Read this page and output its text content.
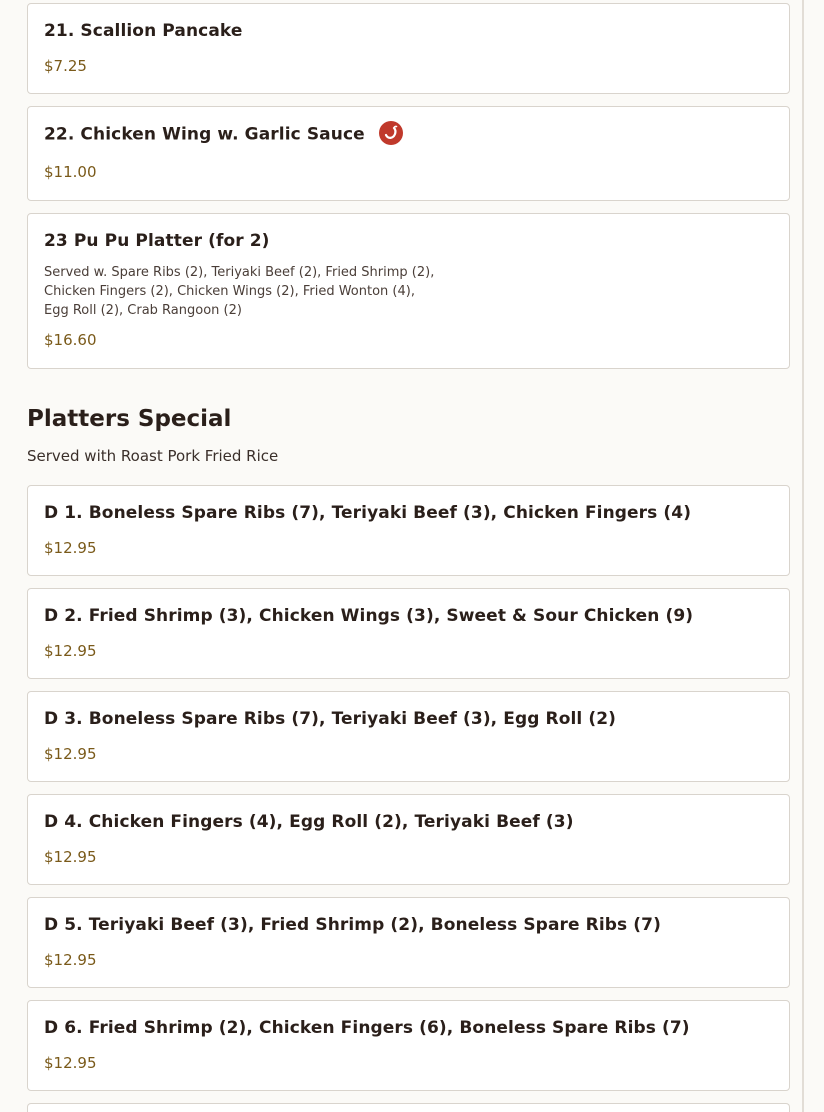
21. Scallion Pancake
$7.25
22. Chicken Wing w. Garlic Sauce
$11.00
23 Pu Pu Platter (for 2)
Served w. Spare Ribs (2), Teriyaki Beef (2), Fried Shrimp (2),
Chicken Fingers (2), Chicken Wings (2), Fried Wonton (4),
Egg Roll (2), Crab Rangoon (2)
$16.60
Platters Special
Served with Roast Pork Fried Rice
D 1. Boneless Spare Ribs (7), Teriyaki Beef (3), Chicken Fingers (4)
$12.95
D 2. Fried Shrimp (3), Chicken Wings (3), Sweet & Sour Chicken (9)
$12.95
D 3. Boneless Spare Ribs (7), Teriyaki Beef (3), Egg Roll (2)
$12.95
D 4. Chicken Fingers (4), Egg Roll (2), Teriyaki Beef (3)
$12.95
D 5. Teriyaki Beef (3), Fried Shrimp (2), Boneless Spare Ribs (7)
$12.95
D 6. Fried Shrimp (2), Chicken Fingers (6), Boneless Spare Ribs (7)
$12.95
